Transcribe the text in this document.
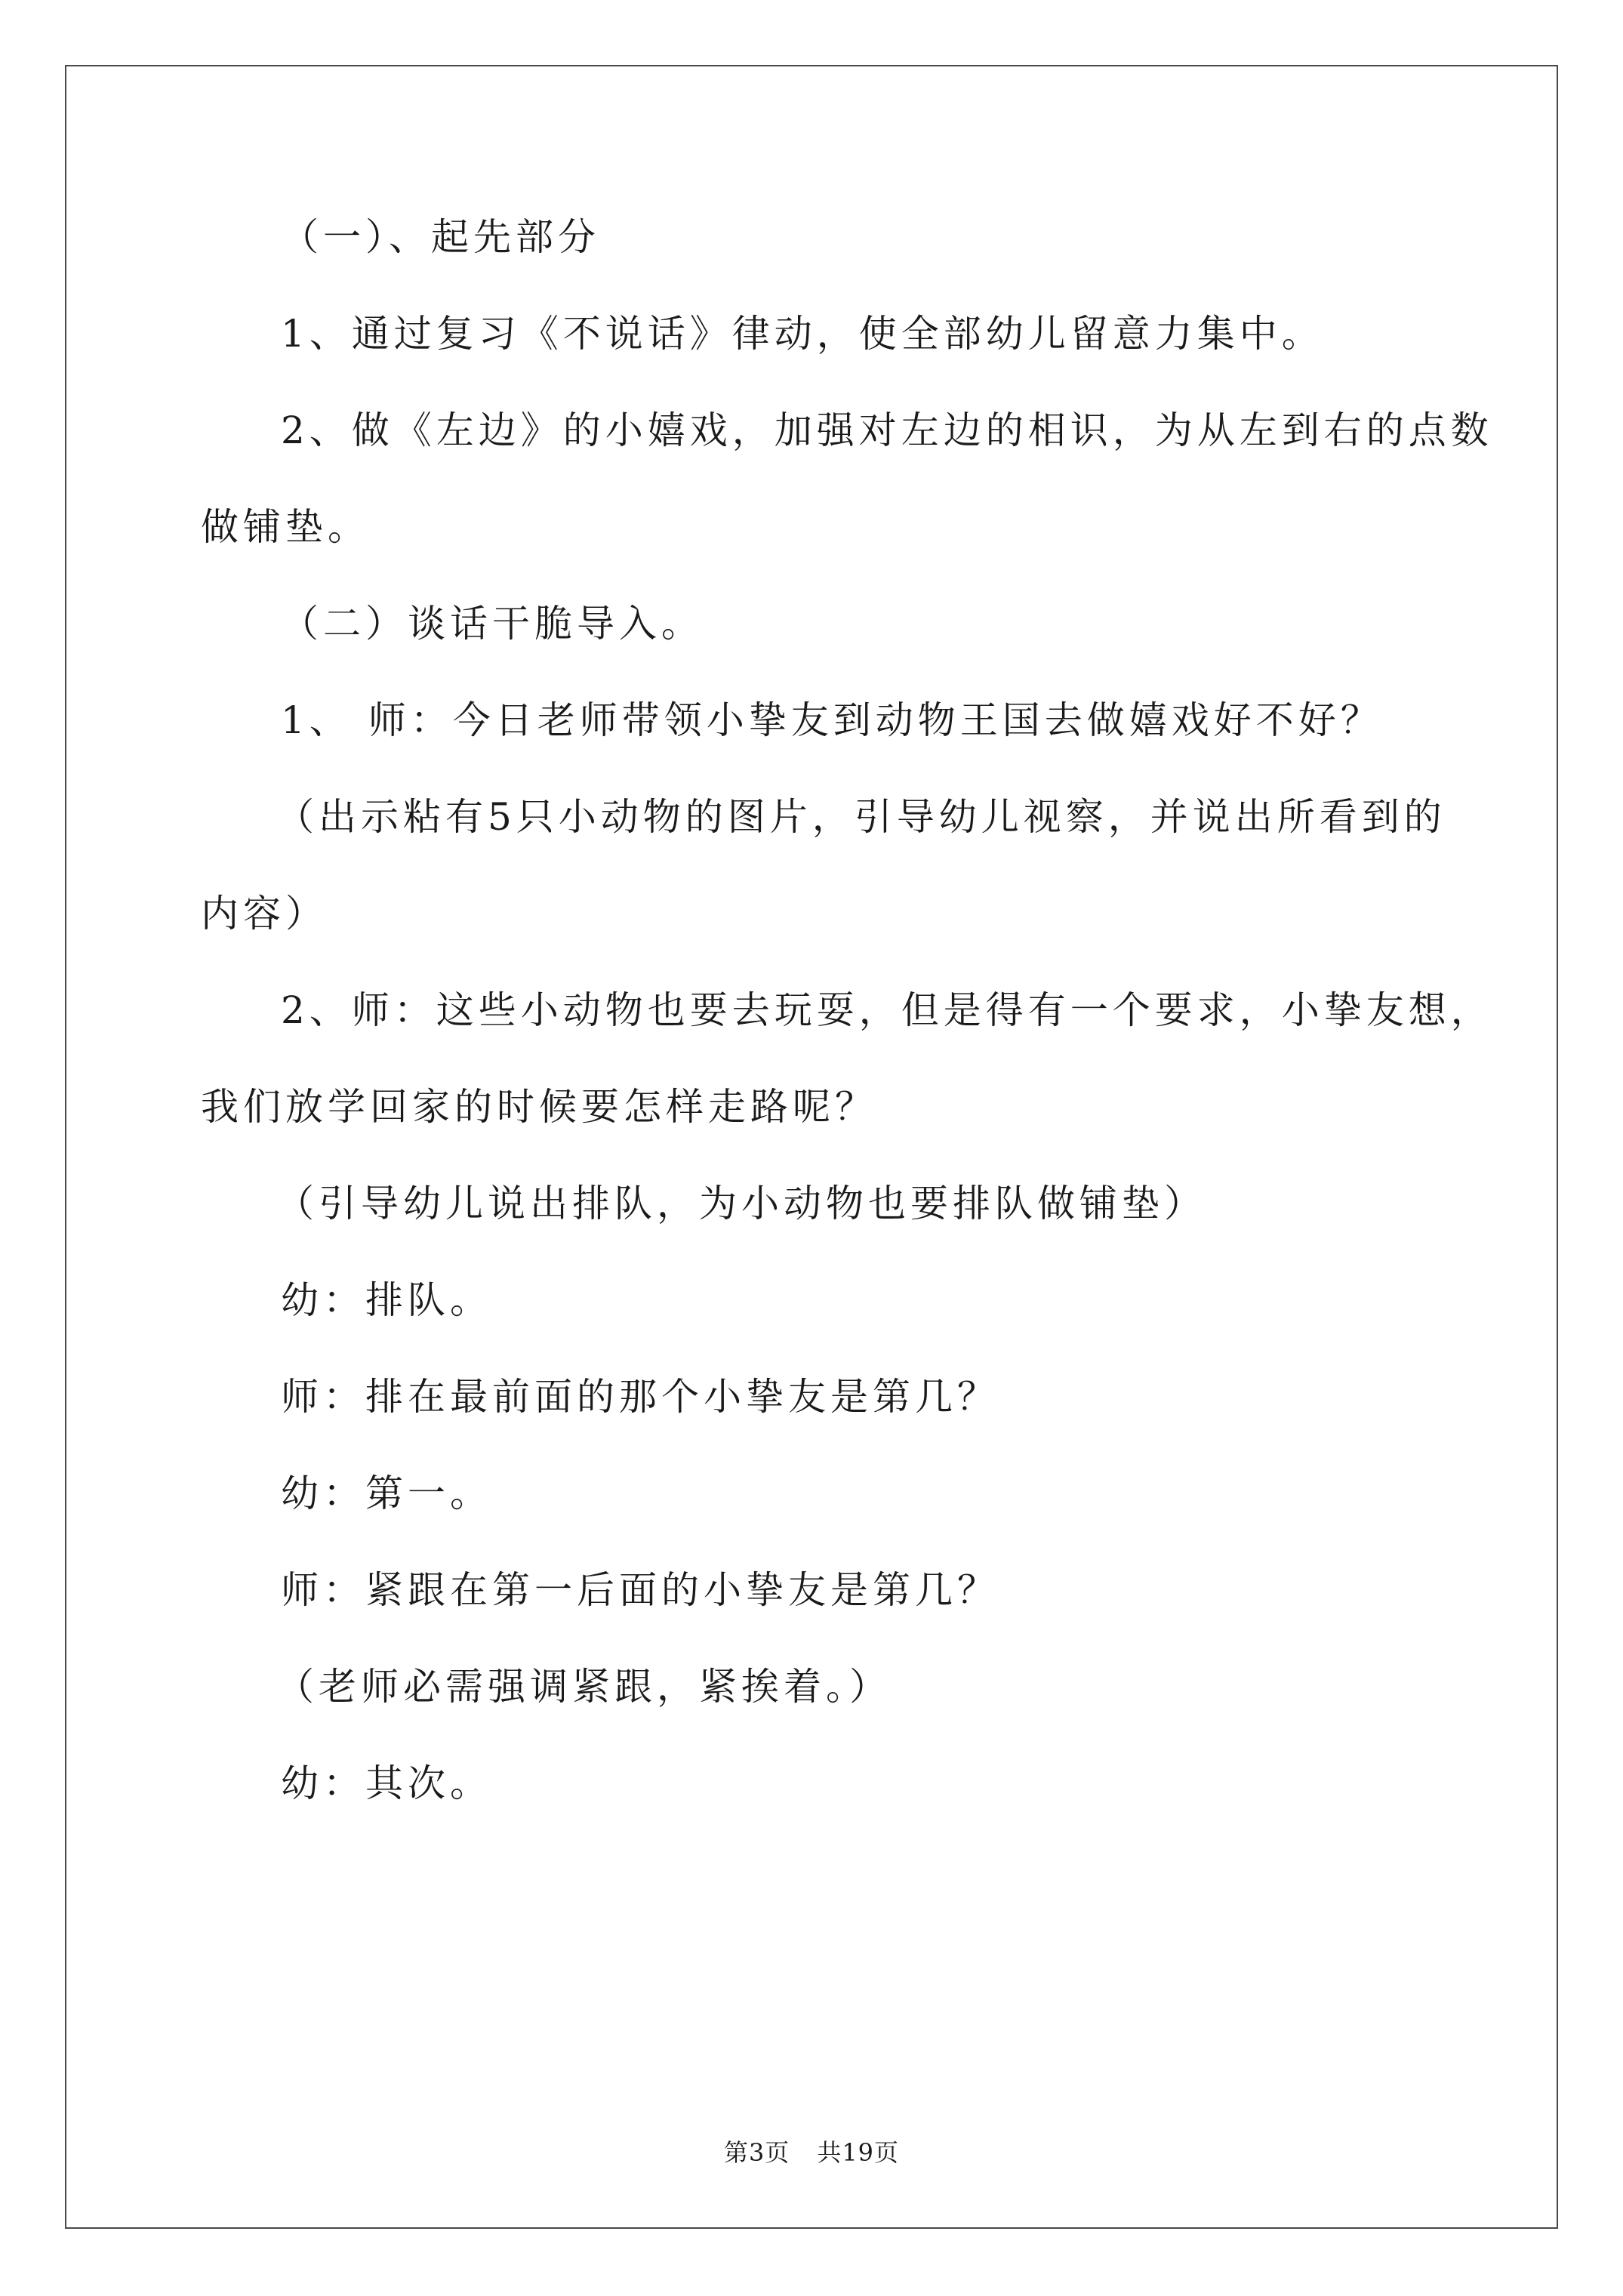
（一）、起先部分

1、通过复习《不说话》律动，使全部幼儿留意力集中。

2、做《左边》的小嬉戏，加强对左边的相识，为从左到右的点数
做铺垫。

（二）谈话干脆导入。

1、 师：今日老师带领小挚友到动物王国去做嬉戏好不好？

（出示粘有5只小动物的图片，引导幼儿视察，并说出所看到的
内容）

2、师：这些小动物也要去玩耍，但是得有一个要求，小挚友想，
我们放学回家的时候要怎样走路呢？

（引导幼儿说出排队，为小动物也要排队做铺垫）

幼：排队。

师：排在最前面的那个小挚友是第几？

幼：第一。

师：紧跟在第一后面的小挚友是第几？

（老师必需强调紧跟，紧挨着。）

幼：其次。

第3页 共19页
